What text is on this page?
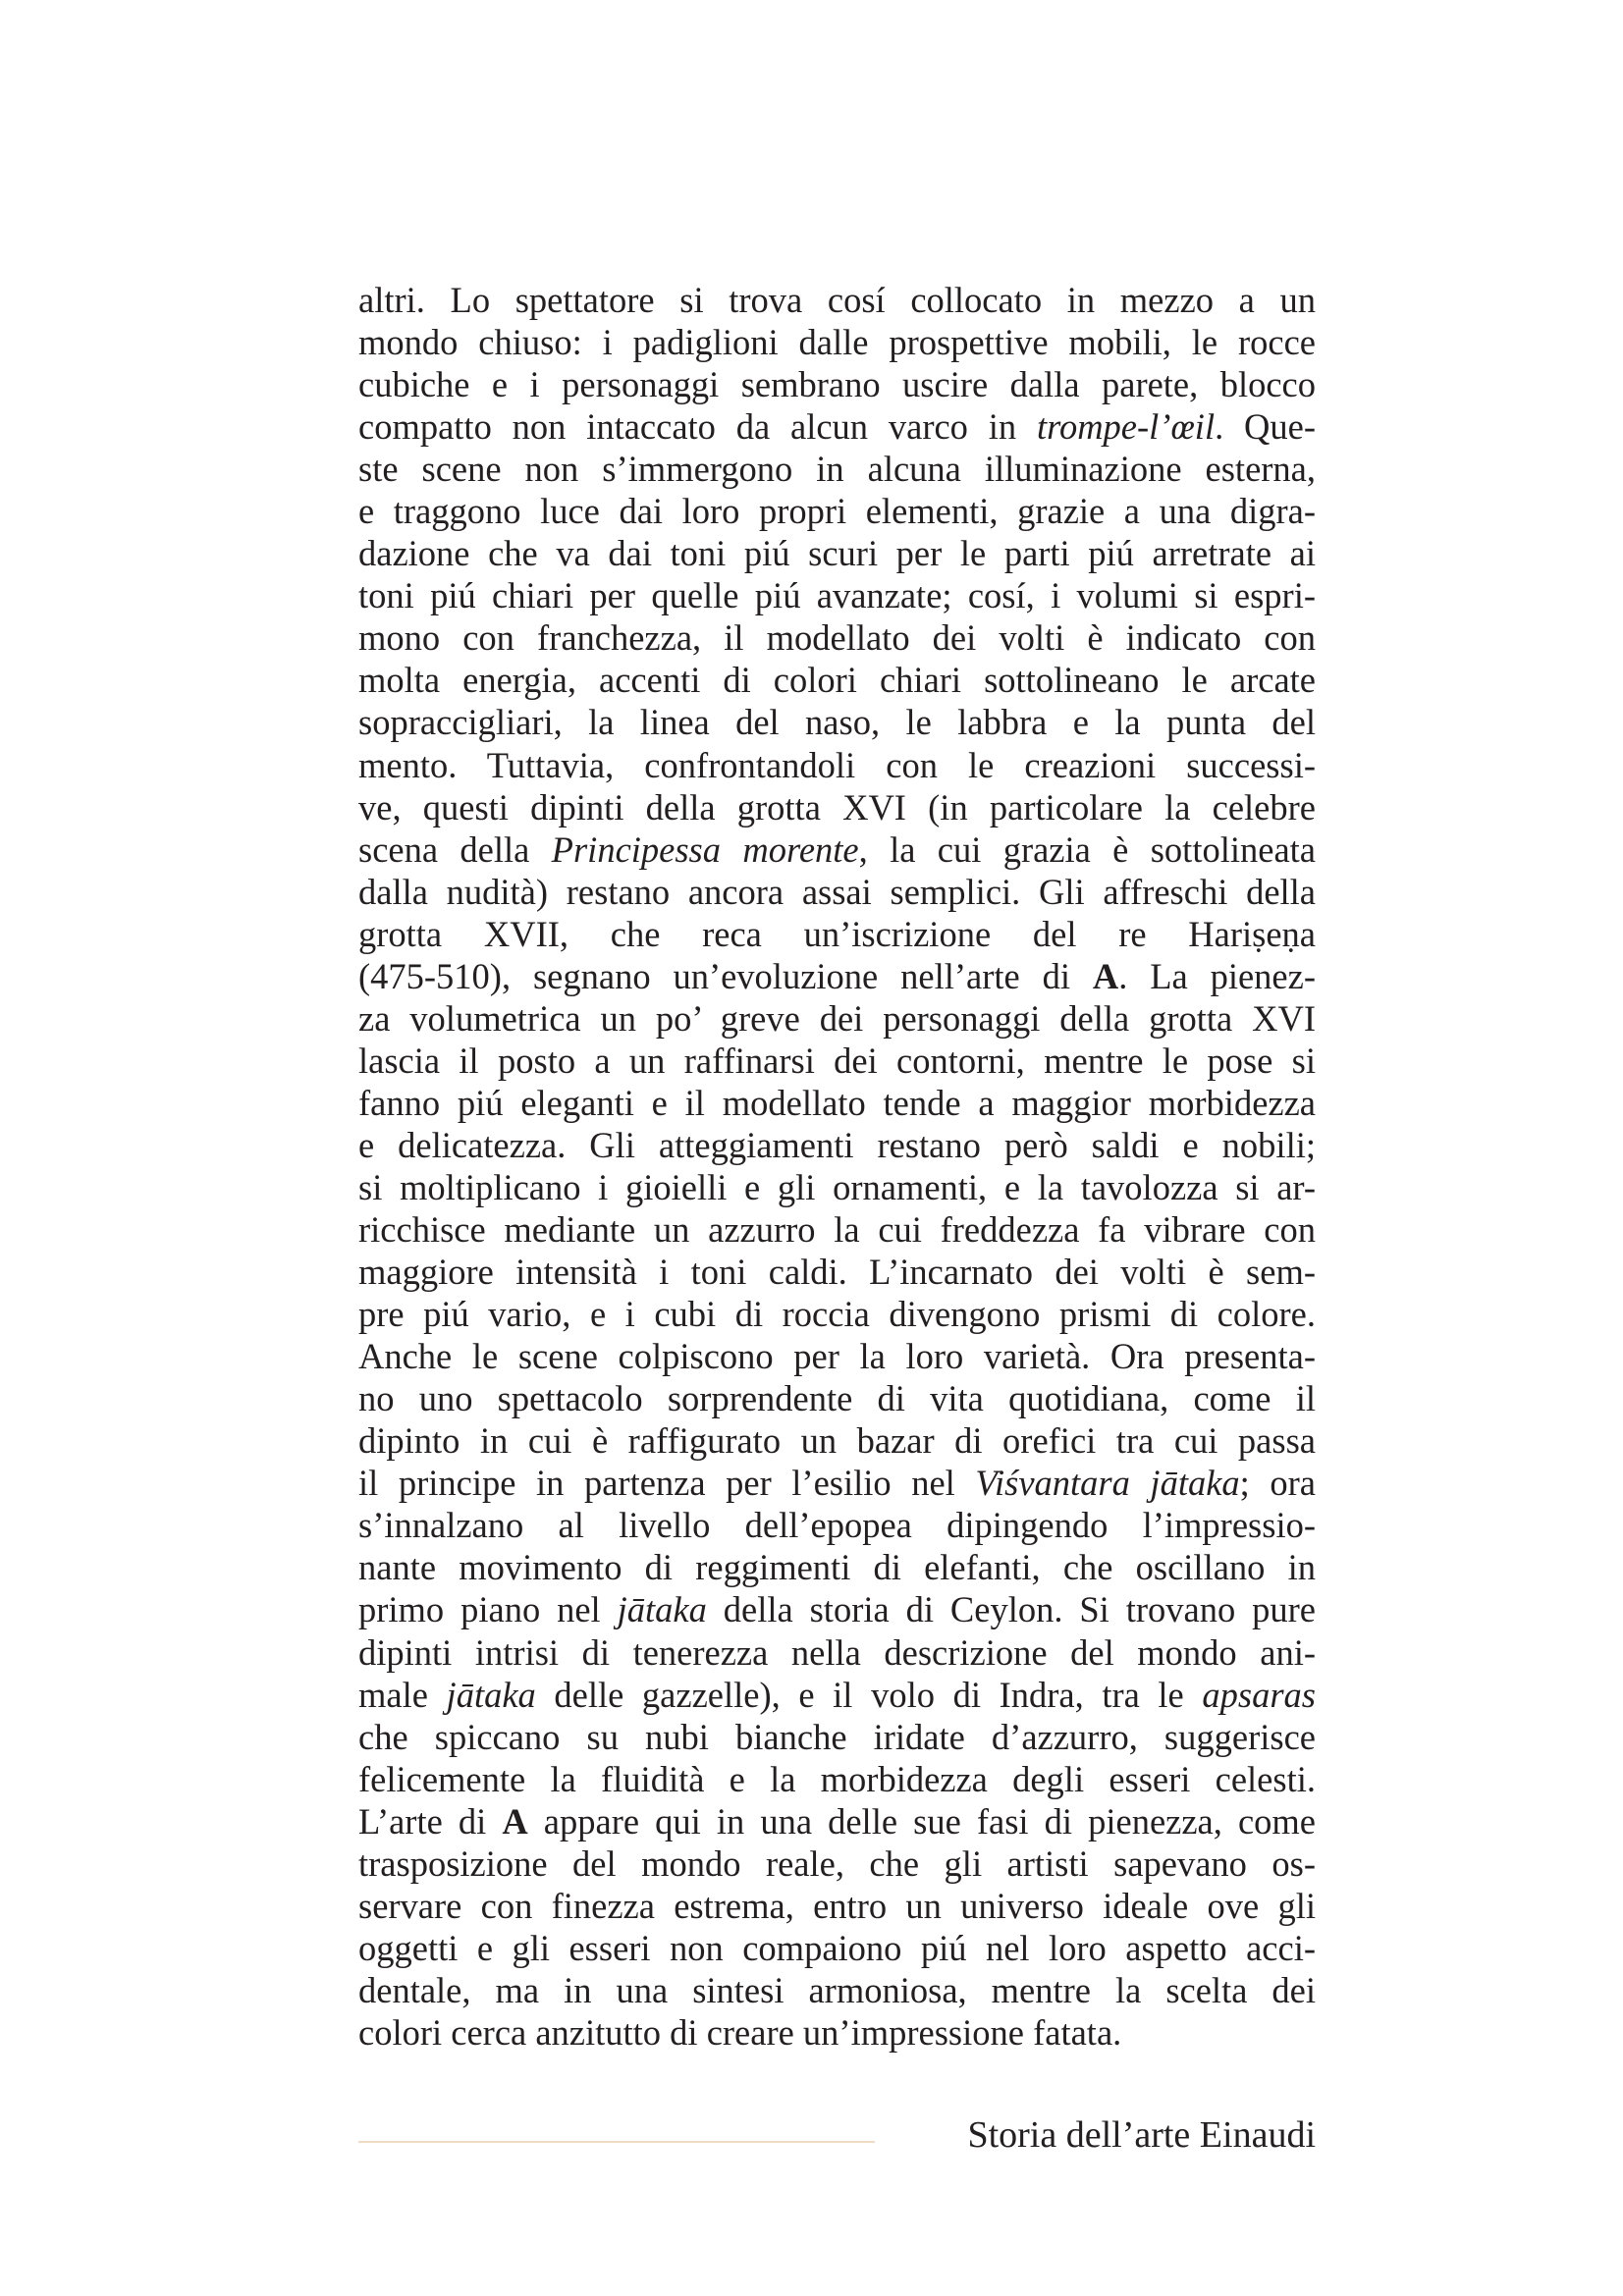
altri. Lo spettatore si trova cosí collocato in mezzo a un
mondo chiuso: i padiglioni dalle prospettive mobili, le rocce
cubiche e i personaggi sembrano uscire dalla parete, blocco
compatto non intaccato da alcun varco in trompe-l’œil. Que-
ste scene non s’immergono in alcuna illuminazione esterna,
e traggono luce dai loro propri elementi, grazie a una digra-
dazione che va dai toni piú scuri per le parti piú arretrate ai
toni piú chiari per quelle piú avanzate; cosí, i volumi si espri-
mono con franchezza, il modellato dei volti è indicato con
molta energia, accenti di colori chiari sottolineano le arcate
sopraccigliari, la linea del naso, le labbra e la punta del
mento. Tuttavia, confrontandoli con le creazioni successi-
ve, questi dipinti della grotta XVI (in particolare la celebre
scena della Principessa morente, la cui grazia è sottolineata
dalla nudità) restano ancora assai semplici. Gli affreschi della
grotta XVII, che reca un’iscrizione del re Hariṣeṇa
(475-510), segnano un’evoluzione nell’arte di A. La pienez-
za volumetrica un po’ greve dei personaggi della grotta XVI
lascia il posto a un raffinarsi dei contorni, mentre le pose si
fanno piú eleganti e il modellato tende a maggior morbidezza
e delicatezza. Gli atteggiamenti restano però saldi e nobili;
si moltiplicano i gioielli e gli ornamenti, e la tavolozza si ar-
ricchisce mediante un azzurro la cui freddezza fa vibrare con
maggiore intensità i toni caldi. L’incarnato dei volti è sem-
pre piú vario, e i cubi di roccia divengono prismi di colore.
Anche le scene colpiscono per la loro varietà. Ora presenta-
no uno spettacolo sorprendente di vita quotidiana, come il
dipinto in cui è raffigurato un bazar di orefici tra cui passa
il principe in partenza per l’esilio nel Viśvantara jātaka; ora
s’innalzano al livello dell’epopea dipingendo l’impressio-
nante movimento di reggimenti di elefanti, che oscillano in
primo piano nel jātaka della storia di Ceylon. Si trovano pure
dipinti intrisi di tenerezza nella descrizione del mondo ani-
male jātaka delle gazzelle), e il volo di Indra, tra le apsaras
che spiccano su nubi bianche iridate d’azzurro, suggerisce
felicemente la fluidità e la morbidezza degli esseri celesti.
L’arte di A appare qui in una delle sue fasi di pienezza, come
trasposizione del mondo reale, che gli artisti sapevano os-
servare con finezza estrema, entro un universo ideale ove gli
oggetti e gli esseri non compaiono piú nel loro aspetto acci-
dentale, ma in una sintesi armoniosa, mentre la scelta dei
colori cerca anzitutto di creare un’impressione fatata.
Storia dell’arte Einaudi
